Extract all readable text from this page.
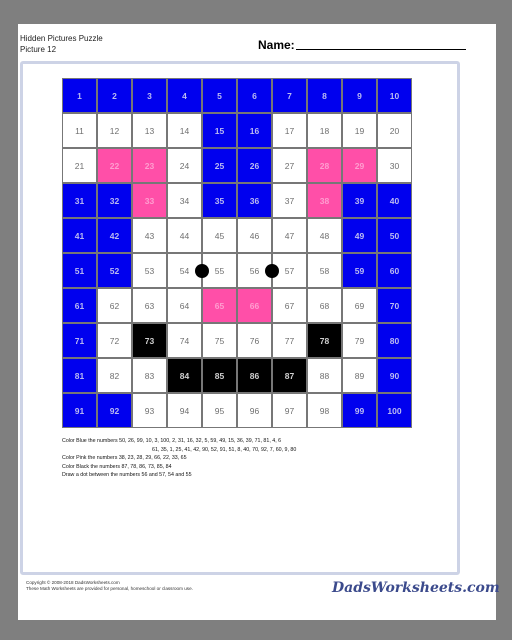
Hidden Pictures Puzzle
Picture 12	Name:
1	2	3	4	5	6	7	8	9	10
11	12	13	14	15	16	17	18	19	20
21	22	23	24	25	26	27	28	29	30
31	32	33	34	35	36	37	38	39	40
41	42	43	44	45	46	47	48	49	50
51	52	53	54	55	56	57	58	59	60
61	62	63	64	65	66	67	68	69	70
71	72	73	74	75	76	77	78	79	80
81	82	83	84	85	86	87	88	89	90
91	92	93	94	95	96	97	98	99	100
Color Blue the numbers 50, 26, 99, 10, 3, 100, 2, 31, 16, 32, 5, 59, 49, 15, 36, 39, 71, 81, 4, 6
61, 35, 1, 25, 41, 42, 90, 52, 91, 51, 8, 40, 70, 92, 7, 60, 9, 80
Color Pink the numbers 38, 23, 28, 29, 66, 22, 33, 65
Color Black the numbers 87, 78, 86, 73, 85, 84
Draw a dot between the numbers 56 and 57, 54 and 55
Copyright © 2008-2018 DadsWorksheets.com
These Math Worksheets are provided for personal, homeschool or classroom use.	DadsWorksheets.com
